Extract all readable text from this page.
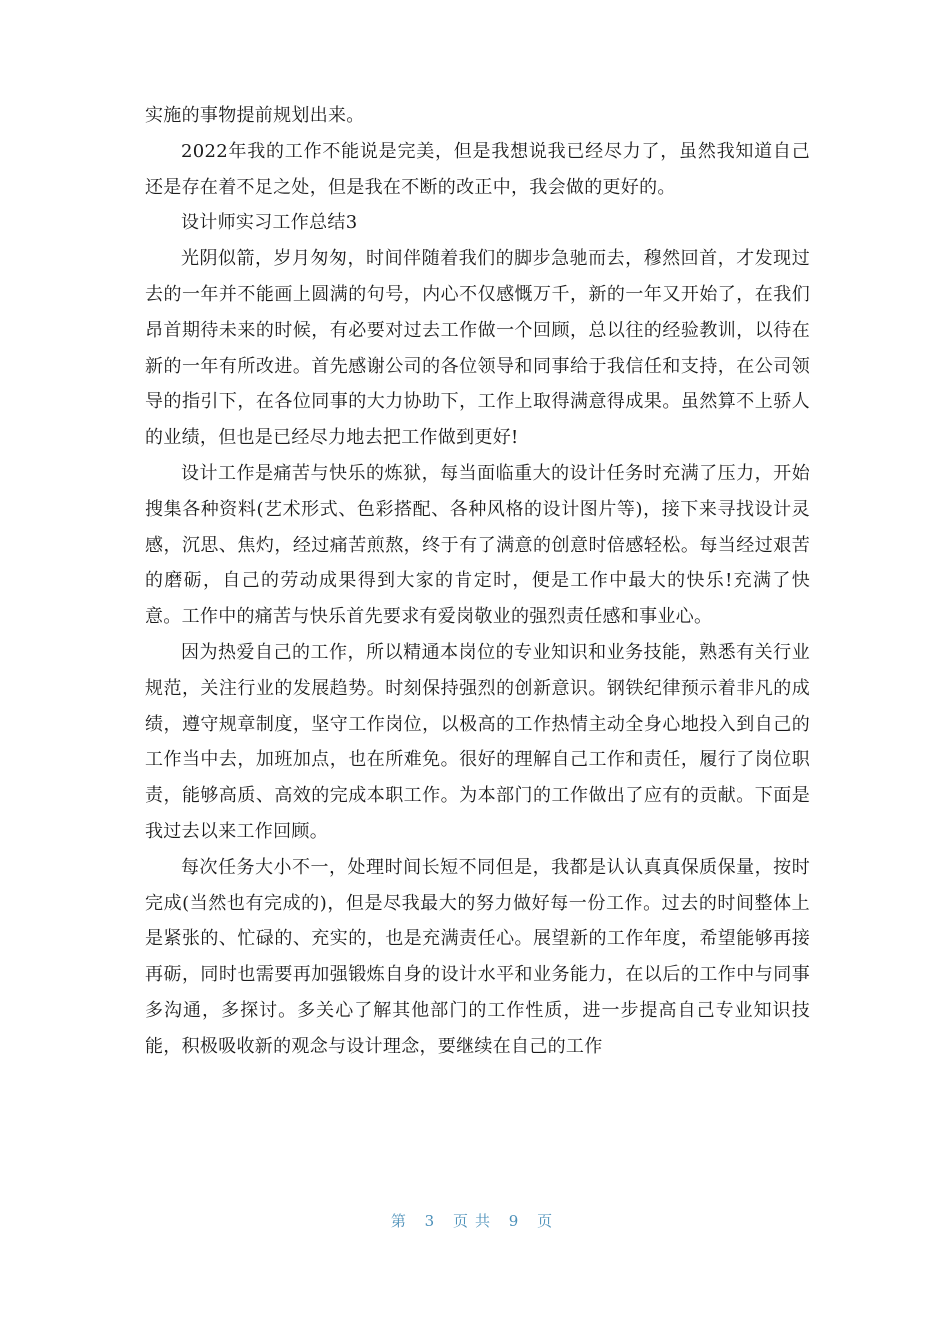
实施的事物提前规划出来。

2022年我的工作不能说是完美，但是我想说我已经尽力了，虽然我知道自己还是存在着不足之处，但是我在不断的改正中，我会做的更好的。

设计师实习工作总结3

光阴似箭，岁月匆匆，时间伴随着我们的脚步急驰而去，穆然回首，才发现过去的一年并不能画上圆满的句号，内心不仅感慨万千，新的一年又开始了，在我们昂首期待未来的时候，有必要对过去工作做一个回顾，总以往的经验教训，以待在新的一年有所改进。首先感谢公司的各位领导和同事给于我信任和支持，在公司领导的指引下，在各位同事的大力协助下，工作上取得满意得成果。虽然算不上骄人的业绩，但也是已经尽力地去把工作做到更好!

设计工作是痛苦与快乐的炼狱，每当面临重大的设计任务时充满了压力，开始搜集各种资料(艺术形式、色彩搭配、各种风格的设计图片等)，接下来寻找设计灵感，沉思、焦灼，经过痛苦煎熬，终于有了满意的创意时倍感轻松。每当经过艰苦的磨砺，自己的劳动成果得到大家的肯定时，便是工作中最大的快乐!充满了快意。工作中的痛苦与快乐首先要求有爱岗敬业的强烈责任感和事业心。

因为热爱自己的工作，所以精通本岗位的专业知识和业务技能，熟悉有关行业规范，关注行业的发展趋势。时刻保持强烈的创新意识。钢铁纪律预示着非凡的成绩，遵守规章制度，坚守工作岗位，以极高的工作热情主动全身心地投入到自己的工作当中去，加班加点，也在所难免。很好的理解自己工作和责任，履行了岗位职责，能够高质、高效的完成本职工作。为本部门的工作做出了应有的贡献。下面是我过去以来工作回顾。

每次任务大小不一，处理时间长短不同但是，我都是认认真真保质保量，按时完成(当然也有完成的)，但是尽我最大的努力做好每一份工作。过去的时间整体上是紧张的、忙碌的、充实的，也是充满责任心。展望新的工作年度，希望能够再接再砺，同时也需要再加强锻炼自身的设计水平和业务能力，在以后的工作中与同事多沟通，多探讨。多关心了解其他部门的工作性质，进一步提高自己专业知识技能，积极吸收新的观念与设计理念，要继续在自己的工作

第 3 页共 9 页
